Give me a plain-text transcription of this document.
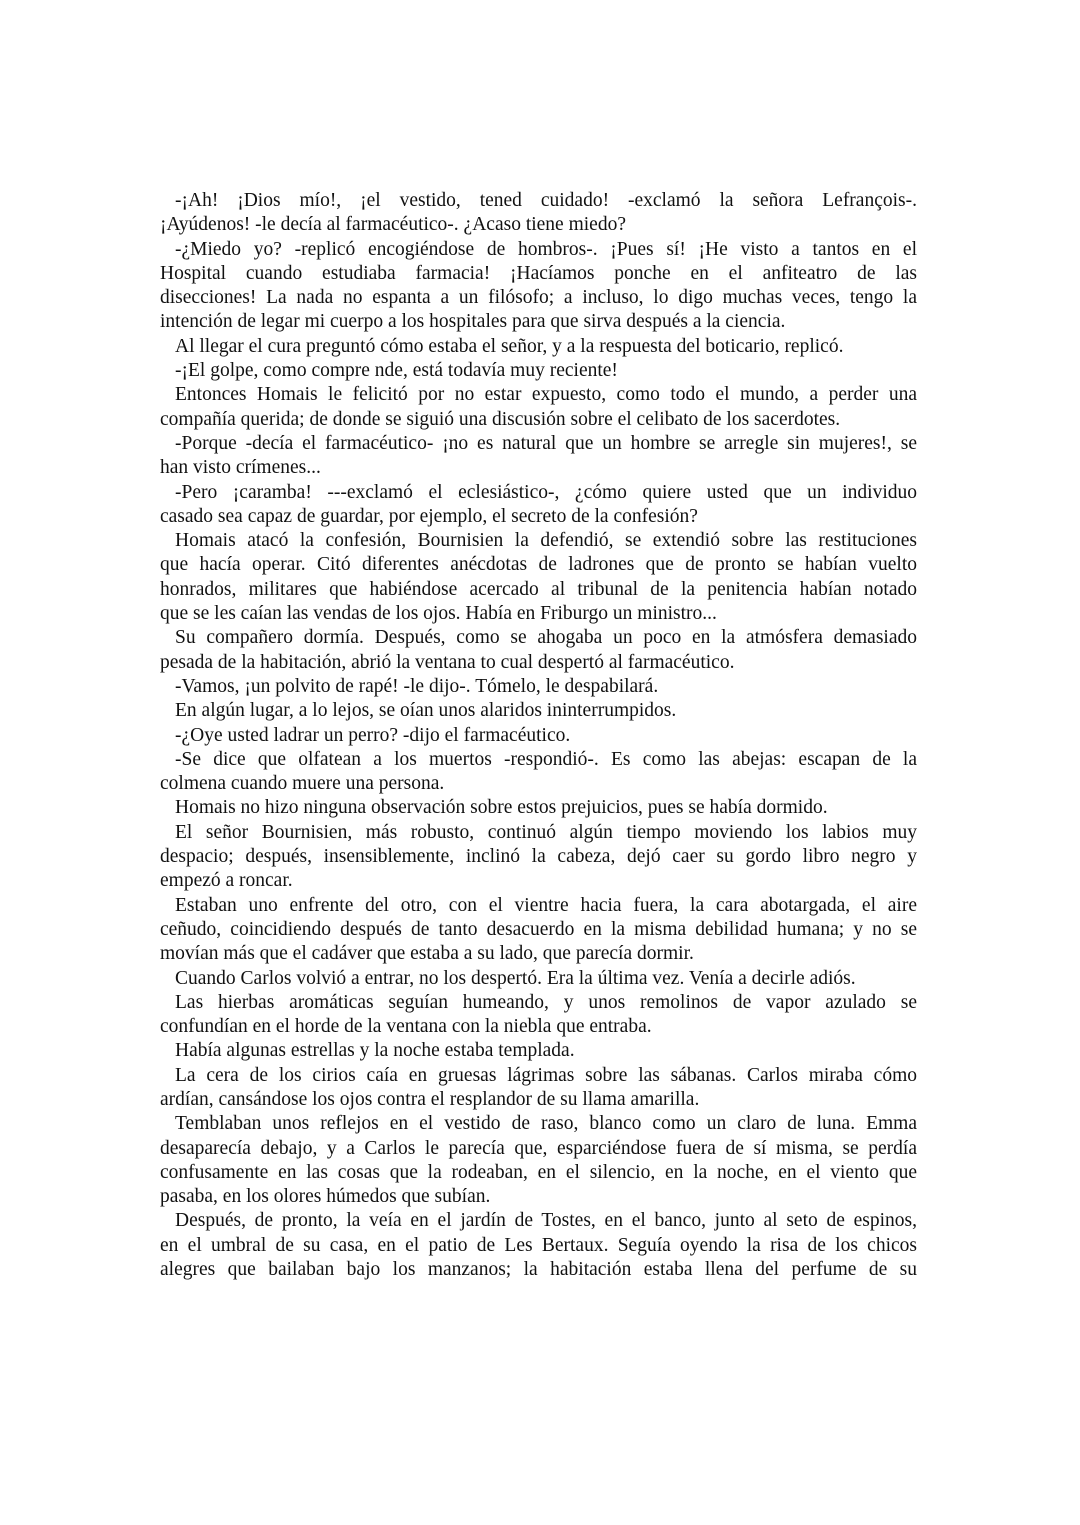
-¡Ah! ¡Dios mío!, ¡el vestido, tened cuidado! -exclamó la señora Lefrançois-.
¡Ayúdenos! -le decía al farmacéutico-. ¿Acaso tiene miedo?
-¿Miedo yo? -replicó encogiéndose de hombros-. ¡Pues sí! ¡He visto a tantos en el
Hospital cuando estudiaba farmacia! ¡Hacíamos ponche en el anfiteatro de las
disecciones! La nada no espanta a un filósofo; a incluso, lo digo muchas veces, tengo la
intención de legar mi cuerpo a los hospitales para que sirva después a la ciencia.
Al llegar el cura preguntó cómo estaba el señor, y a la respuesta del boticario, replicó.
-¡El golpe, como compre nde, está todavía muy reciente!
Entonces Homais le felicitó por no estar expuesto, como todo el mundo, a perder una
compañía querida; de donde se siguió una discusión sobre el celibato de los sacerdotes.
-Porque -decía el farmacéutico- ¡no es natural que un hombre se arregle sin mujeres!, se
han visto crímenes...
-Pero ¡caramba! ---exclamó el eclesiástico-, ¿cómo quiere usted que un individuo
casado sea capaz de guardar, por ejemplo, el secreto de la confesión?
Homais atacó la confesión, Bournisien la defendió, se extendió sobre las restituciones
que hacía operar. Citó diferentes anécdotas de ladrones que de pronto se habían vuelto
honrados, militares que habiéndose acercado al tribunal de la penitencia habían notado
que se les caían las vendas de los ojos. Había en Friburgo un ministro...
Su compañero dormía. Después, como se ahogaba un poco en la atmósfera demasiado
pesada de la habitación, abrió la ventana to cual despertó al farmacéutico.
-Vamos, ¡un polvito de rapé! -le dijo-. Tómelo, le despabilará.
En algún lugar, a lo lejos, se oían unos alaridos ininterrumpidos.
-¿Oye usted ladrar un perro? -dijo el farmacéutico.
-Se dice que olfatean a los muertos -respondió-. Es como las abejas: escapan de la
colmena cuando muere una persona.
Homais no hizo ninguna observación sobre estos prejuicios, pues se había dormido.
El señor Bournisien, más robusto, continuó algún tiempo moviendo los labios muy
despacio; después, insensiblemente, inclinó la cabeza, dejó caer su gordo libro negro y
empezó a roncar.
Estaban uno enfrente del otro, con el vientre hacia fuera, la cara abotargada, el aire
ceñudo, coincidiendo después de tanto desacuerdo en la misma debilidad humana; y no se
movían más que el cadáver que estaba a su lado, que parecía dormir.
Cuando Carlos volvió a entrar, no los despertó. Era la última vez. Venía a decirle adiós.
Las hierbas aromáticas seguían humeando, y unos remolinos de vapor azulado se
confundían en el horde de la ventana con la niebla que entraba.
Había algunas estrellas y la noche estaba templada.
La cera de los cirios caía en gruesas lágrimas sobre las sábanas. Carlos miraba cómo
ardían, cansándose los ojos contra el resplandor de su llama amarilla.
Temblaban unos reflejos en el vestido de raso, blanco como un claro de luna. Emma
desaparecía debajo, y a Carlos le parecía que, esparciéndose fuera de sí misma, se perdía
confusamente en las cosas que la rodeaban, en el silencio, en la noche, en el viento que
pasaba, en los olores húmedos que subían.
Después, de pronto, la veía en el jardín de Tostes, en el banco, junto al seto de espinos,
en el umbral de su casa, en el patio de Les Bertaux. Seguía oyendo la risa de los chicos
alegres que bailaban bajo los manzanos; la habitación estaba llena del perfume de su
